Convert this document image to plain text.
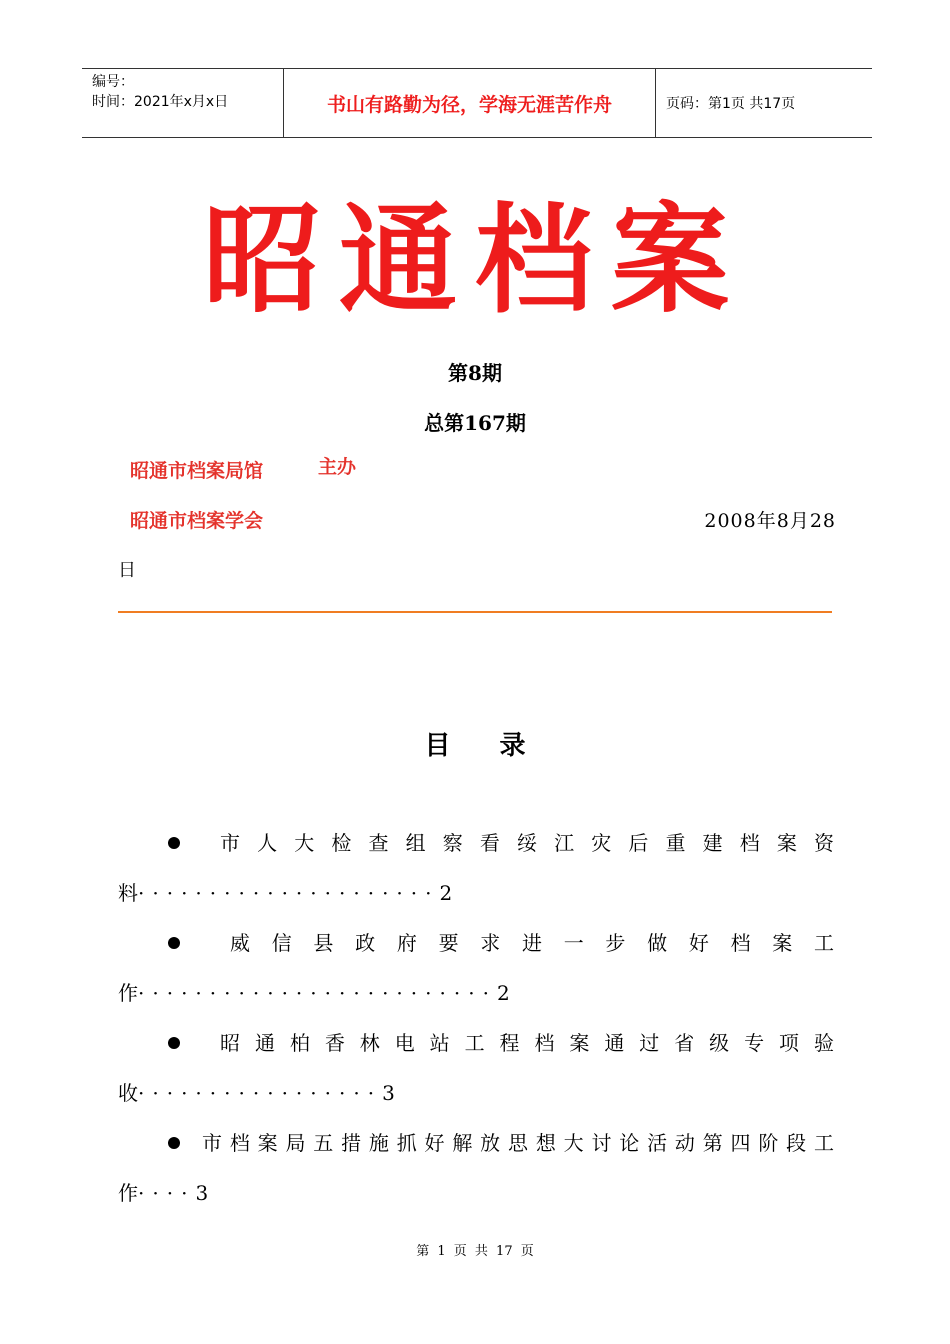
编号：
时间：2021年x月x日	书山有路勤为径，学海无涯苦作舟	页码：第1页 共17页
昭通档案
第8期
总第167期
昭通市档案局馆	主办
昭通市档案学会	2008年8月28
日
目 录
市人大检查组察看绥江灾后重建档案资
料·····················2
威信县政府要求进一步做好档案工
作·························2
昭通柏香林电站工程档案通过省级专项验
收·················3
市档案局五措施抓好解放思想大讨论活动第四阶段工
作····3
第 1 页 共 17 页
